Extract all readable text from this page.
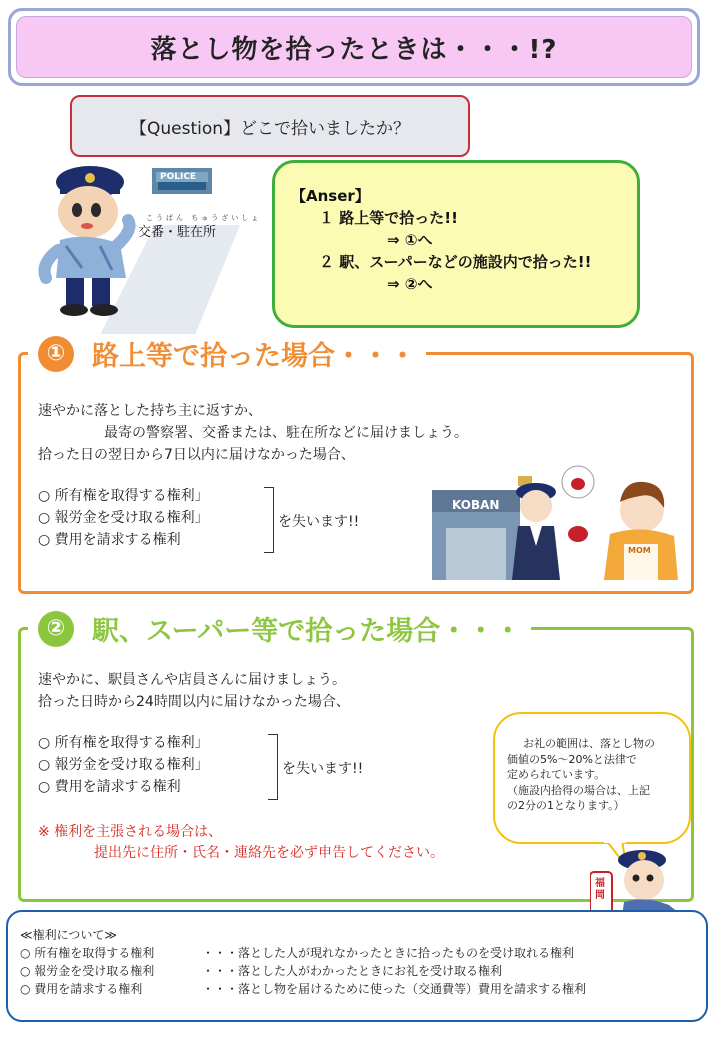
落とし物を拾ったときは・・・!?
【Question】どこで拾いましたか？
POLICE
こうばん ちゅうざいしょ
交番・駐在所
【Anser】
１ 路上等で拾った!!
⇒ ①へ
２ 駅、スーパーなどの施設内で拾った!!
⇒ ②へ
① 路上等で拾った場合・・・
速やかに落とした持ち主に返すか、
最寄の警察署、交番または、駐在所などに届けましょう。
拾った日の翌日から7日以内に届けなかった場合、
○ 所有権を取得する権利」
○ 報労金を受け取る権利」
○ 費用を請求する権利
を失います!!
KOBAN
MOM
② 駅、スーパー等で拾った場合・・・
速やかに、駅員さんや店員さんに届けましょう。
拾った日時から24時間以内に届けなかった場合、
○ 所有権を取得する権利」
○ 報労金を受け取る権利」
○ 費用を請求する権利
を失います!!
※ 権利を主張される場合は、
提出先に住所・氏名・連絡先を必ず申告してください。
お礼の範囲は、落とし物の
価値の5%～20%と法律で
定められています。
（施設内拾得の場合は、上記
の2分の1となります。）
福岡
≪権利について≫
○ 所有権を取得する権利	・・・ 落とした人が現れなかったときに拾ったものを受け取れる権利
○ 報労金を受け取る権利	・・・ 落とした人がわかったときにお礼を受け取る権利
○ 費用を請求する権利	・・・ 落とし物を届けるために使った（交通費等）費用を請求する権利
